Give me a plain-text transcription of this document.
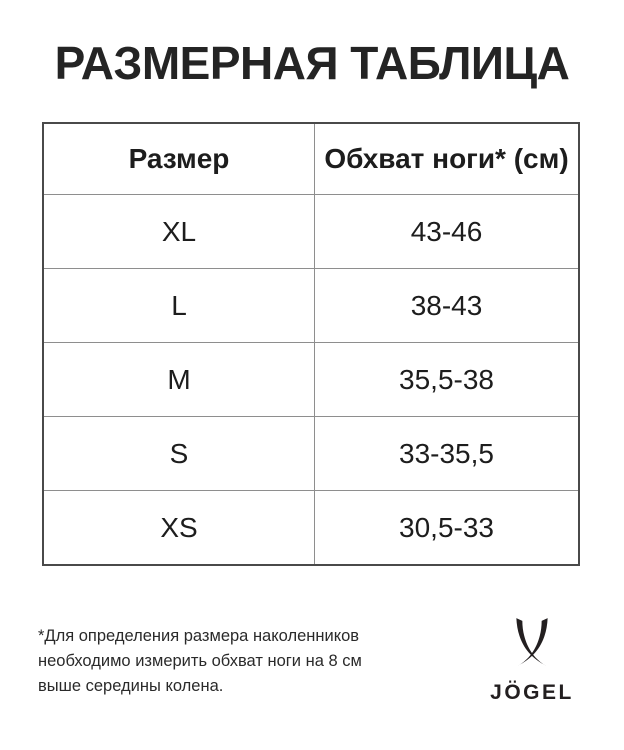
РАЗМЕРНАЯ ТАБЛИЦА
Размер	Обхват ноги* (см)
XL	43-46
L	38-43
M	35,5-38
S	33-35,5
XS	30,5-33
*Для определения размера наколенников
необходимо измерить обхват ноги на 8 см
выше середины колена.	JÖGEL
